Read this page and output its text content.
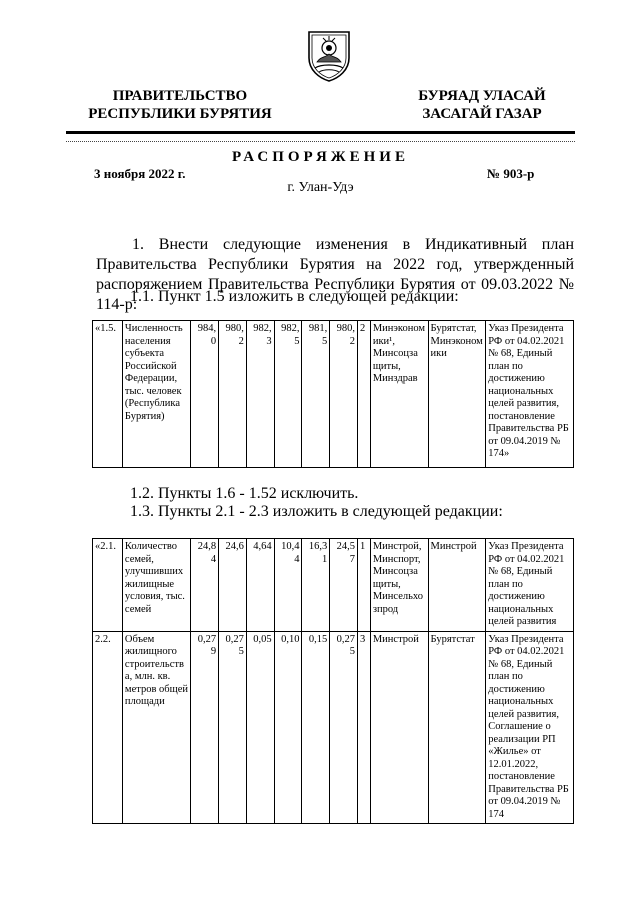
ПРАВИТЕЛЬСТВО
РЕСПУБЛИКИ БУРЯТИЯ
БУРЯАД УЛАСАЙ
ЗАСАГАЙ ГАЗАР
РАСПОРЯЖЕНИЕ
3 ноября 2022 г.	№ 903-р
г. Улан-Удэ
1. Внести следующие изменения в Индикативный план Правительства Республики Бурятия на 2022 год, утвержденный распоряжением Правительства Республики Бурятия от 09.03.2022 № 114-р:
1.1. Пункт 1.5 изложить в следующей редакции:
«1.5.	Численность населения субъекта Российской Федерации, тыс. человек (Республика Бурятия)	984,0	980,2	982,3	982,5	981,5	980,2	2	Минэкономики¹, Минсоцзащиты, Минздрав	Бурятстат, Минэкономики	Указ Президента РФ от 04.02.2021 № 68, Единый план по достижению национальных целей развития, постановление Правительства РБ от 09.04.2019 № 174»
1.2. Пункты 1.6 - 1.52 исключить.
1.3. Пункты 2.1 - 2.3 изложить в следующей редакции:
«2.1.	Количество семей, улучшивших жилищные условия, тыс. семей	24,84	24,6	4,64	10,44	16,31	24,57	1	Минстрой, Минспорт, Минсоцзащиты, Минсельхозпрод	Минстрой	Указ Президента РФ от 04.02.2021 № 68, Единый план по достижению национальных целей развития
2.2.	Объем жилищного строительства, млн. кв. метров общей площади	0,279	0,275	0,05	0,10	0,15	0,275	3	Минстрой	Бурятстат	Указ Президента РФ от 04.02.2021 № 68, Единый план по достижению национальных целей развития, Соглашение о реализации РП «Жилье» от 12.01.2022, постановление Правительства РБ от 09.04.2019 № 174
